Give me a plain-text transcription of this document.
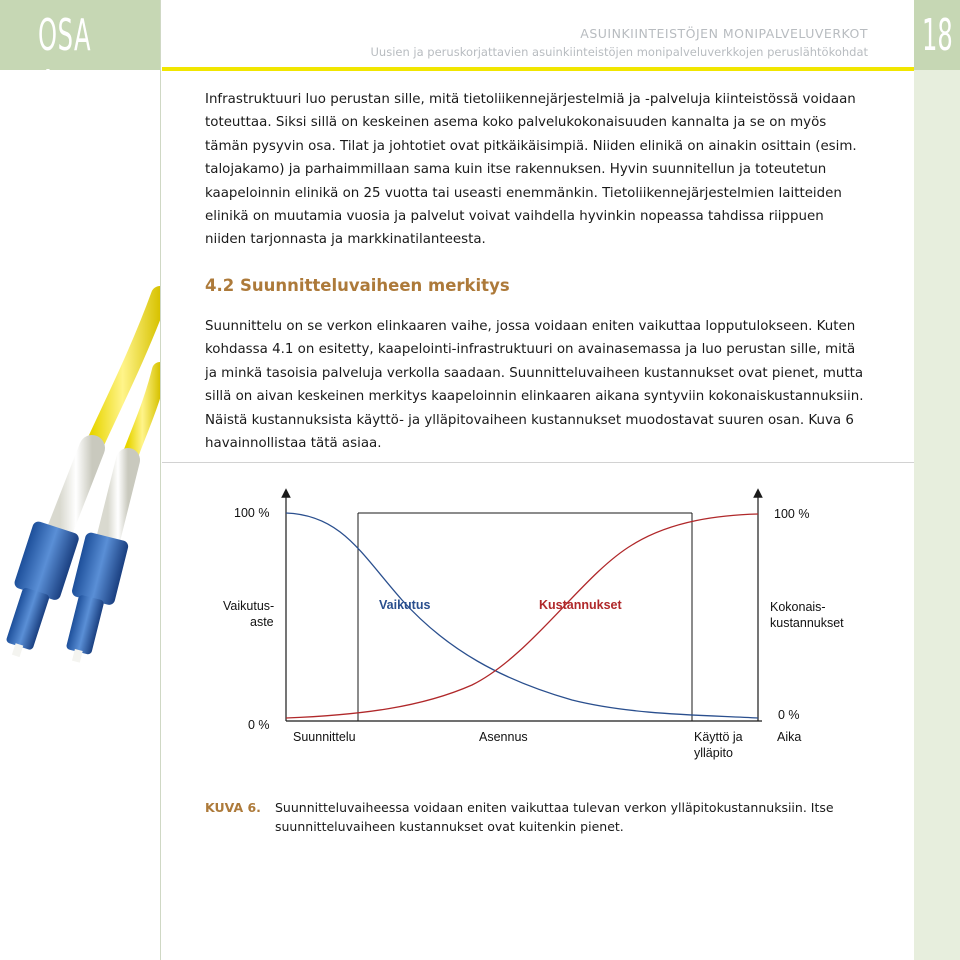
OSA 4
18
ASUINKIINTEISTÖJEN MONIPALVELUVERKOT
Uusien ja peruskorjattavien asuinkiinteistöjen monipalveluverkkojen peruslähtökohdat
Infrastruktuuri luo perustan sille, mitä tietoliikennejärjestelmiä ja -palveluja kiinteistössä voidaan toteuttaa. Siksi sillä on keskeinen asema koko palvelukokonaisuuden kannalta ja se on myös tämän pysyvin osa. Tilat ja johtotiet ovat pitkäikäisimpiä. Niiden elinikä on ainakin osittain (esim. talojakamo) ja parhaimmillaan sama kuin itse rakennuksen. Hyvin suunnitellun ja toteutetun kaapeloinnin elinikä on 25 vuotta tai useasti enemmänkin. Tietoliikennejärjestelmien laitteiden elinikä on muutamia vuosia ja palvelut voivat vaihdella hyvinkin nopeassa tahdissa riippuen niiden tarjonnasta ja markkinatilanteesta.
4.2 Suunnitteluvaiheen merkitys
Suunnittelu on se verkon elinkaaren vaihe, jossa voidaan eniten vaikuttaa lopputulokseen. Kuten kohdassa 4.1 on esitetty, kaapelointi-infrastruktuuri on avainasemassa ja luo perustan sille, mitä ja minkä tasoisia palveluja verkolla saadaan. Suunnitteluvaiheen kustannukset ovat pienet, mutta sillä on aivan keskeinen merkitys kaapeloinnin elinkaaren aikana syntyviin kokonaiskustannuksiin. Näistä kustannuksista käyttö- ja ylläpitovaiheen kustannukset muodostavat suuren osan. Kuva 6 havainnollistaa tätä asiaa.
100 %
0 %
Vaikutus-
aste
100 %
0 %
Kokonais-
kustannukset
Aika
Vaikutus	Kustannukset
Suunnittelu	Asennus	Käyttö ja
ylläpito
KUVA 6. Suunnitteluvaiheessa voidaan eniten vaikuttaa tulevan verkon ylläpitokustannuksiin. Itse suunnitteluvaiheen kustannukset ovat kuitenkin pienet.
